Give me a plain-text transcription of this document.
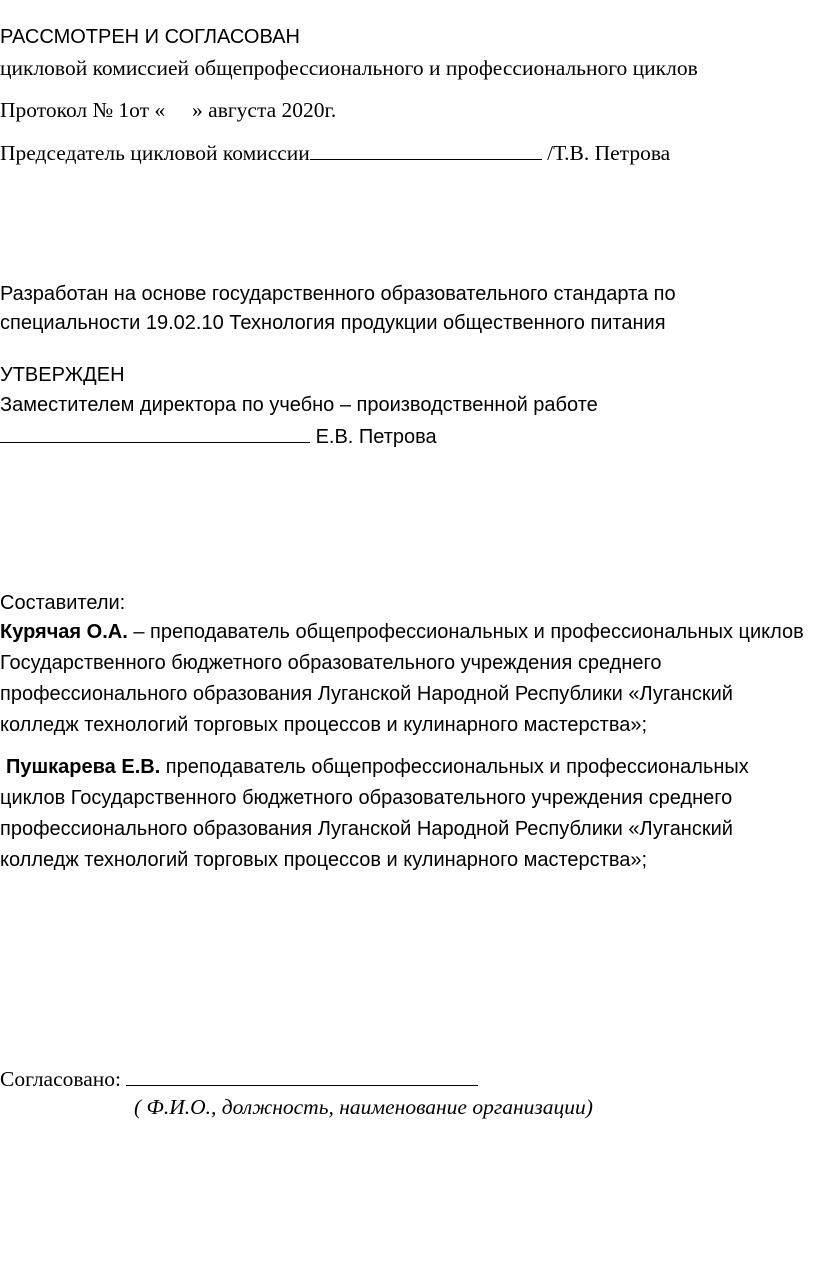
РАССМОТРЕН И СОГЛАСОВАН
цикловой комиссией общепрофессионального и профессионального циклов
Протокол № 1от «     » августа 2020г.
Председатель цикловой комиссии	/Т.В. Петрова
Разработан на основе государственного образовательного стандарта по
специальности 19.02.10 Технология продукции общественного питания
УТВЕРЖДЕН
Заместителем директора по учебно – производственной работе
Е.В. Петрова
Составители:
Курячая О.А. – преподаватель общепрофессиональных и профессиональных циклов Государственного бюджетного образовательного учреждения среднего профессионального образования Луганской Народной Республики «Луганский колледж технологий торговых процессов и кулинарного мастерства»;
Пушкарева Е.В. преподаватель общепрофессиональных и профессиональных циклов Государственного бюджетного образовательного учреждения среднего профессионального образования Луганской Народной Республики «Луганский колледж технологий торговых процессов и кулинарного мастерства»;
Согласовано:
( Ф.И.О., должность, наименование организации)
